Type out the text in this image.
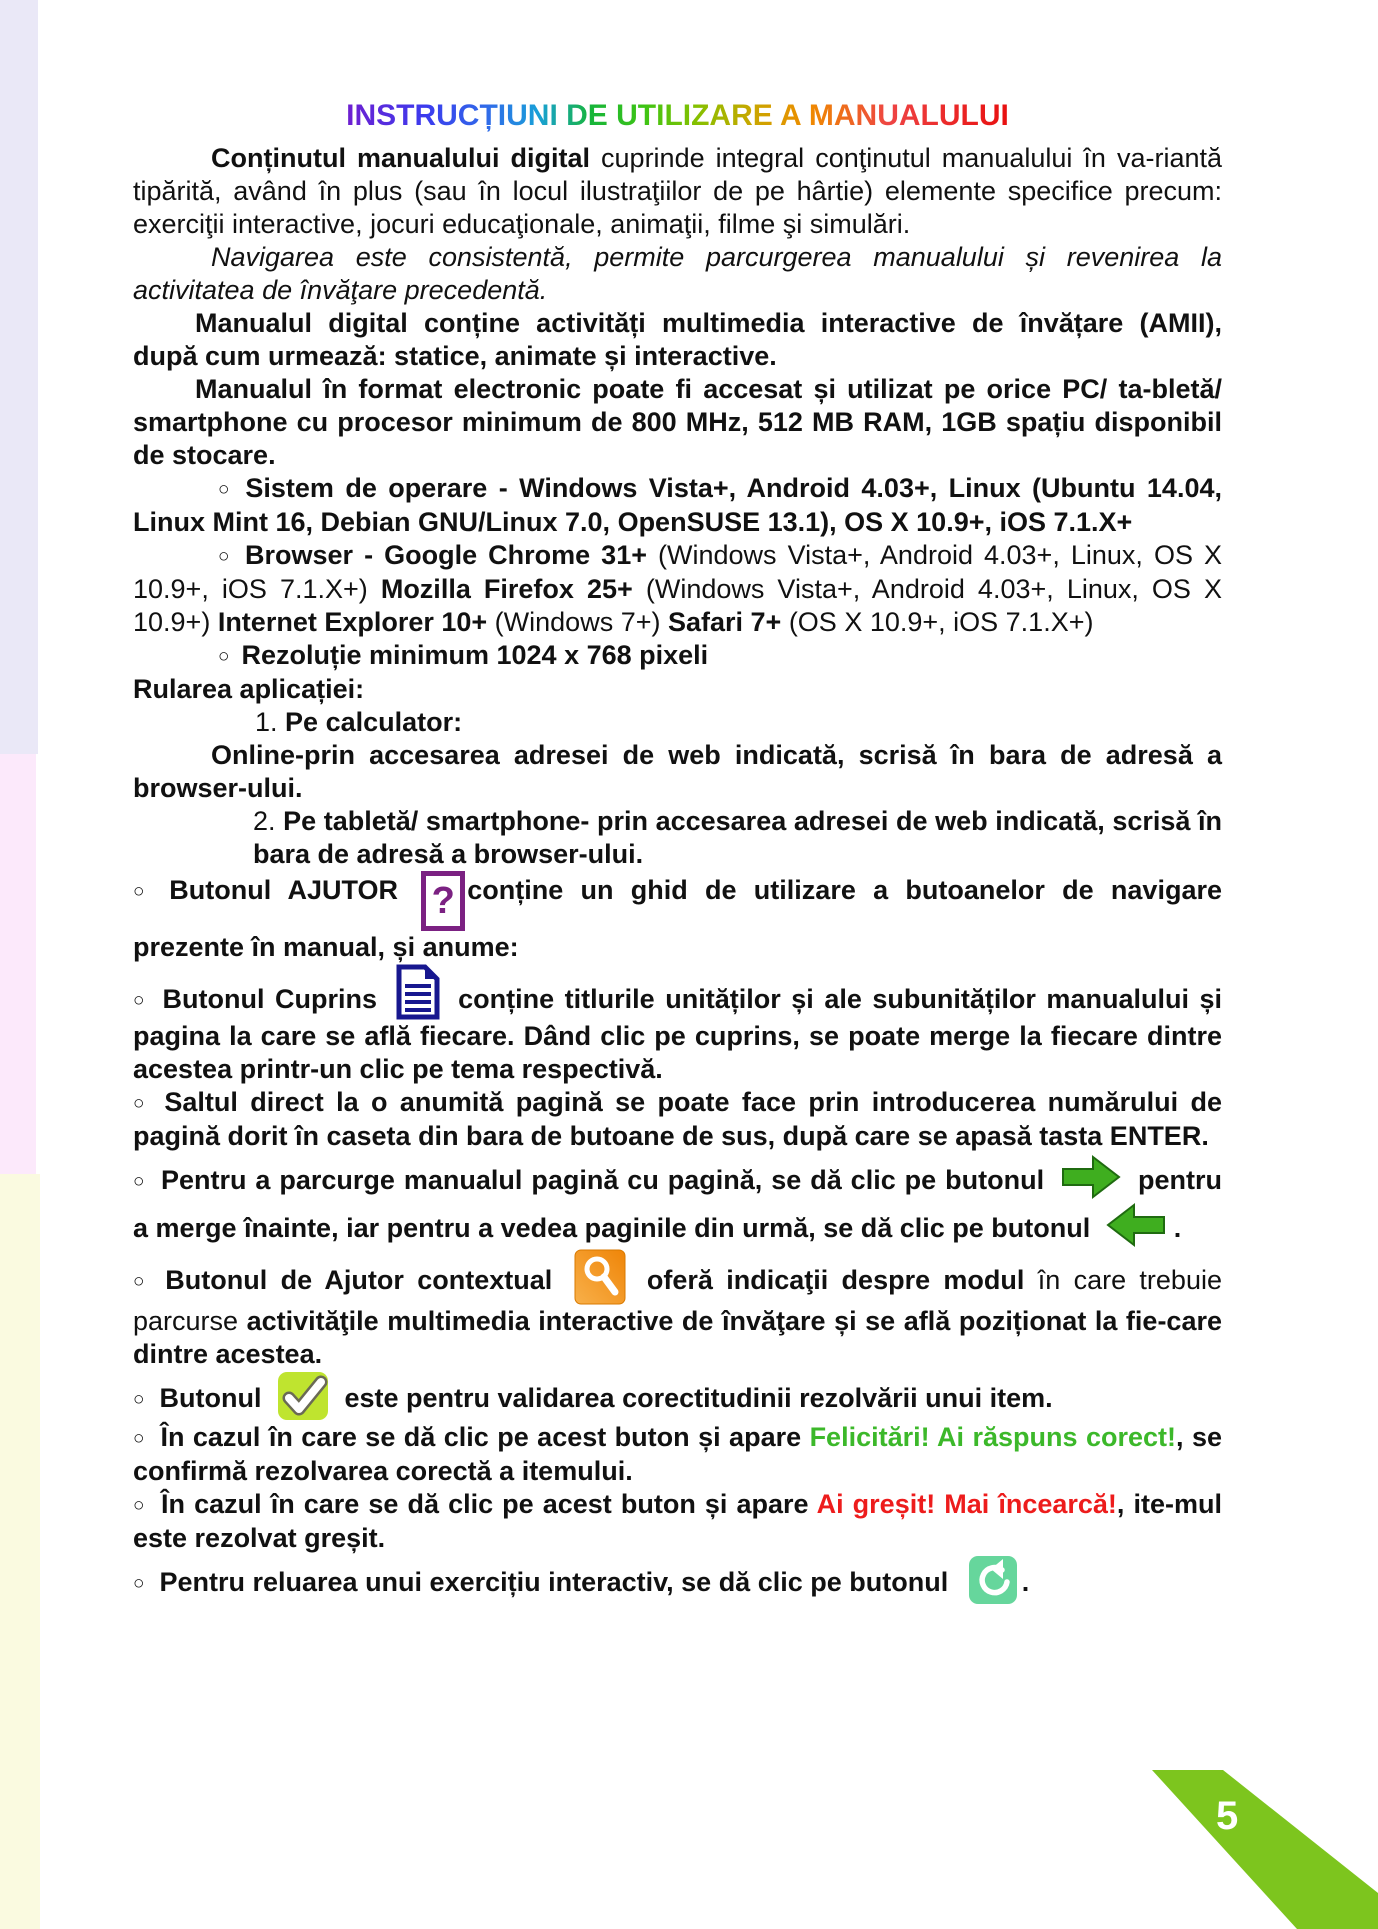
INSTRUCȚIUNI DE UTILIZARE A MANUALULUI

Conținutul manualului digital cuprinde integral conţinutul manualului în va-riantă tipărită, având în plus (sau în locul ilustraţiilor de pe hârtie) elemente specifice precum: exerciţii interactive, jocuri educaţionale, animaţii, filme şi simulări.

Navigarea este consistentă, permite parcurgerea manualului și revenirea la activitatea de învăţare precedentă.

Manualul digital conține activități multimedia interactive de învățare (AMII), după cum urmează: statice, animate și interactive.

Manualul în format electronic poate fi accesat și utilizat pe orice PC/ ta-bletă/ smartphone cu procesor minimum de 800 MHz, 512 MB RAM, 1GB spațiu disponibil de stocare.

○ Sistem de operare - Windows Vista+, Android 4.03+, Linux (Ubuntu 14.04, Linux Mint 16, Debian GNU/Linux 7.0, OpenSUSE 13.1), OS X 10.9+, iOS 7.1.X+

○ Browser - Google Chrome 31+ (Windows Vista+, Android 4.03+, Linux, OS X 10.9+, iOS 7.1.X+) Mozilla Firefox 25+ (Windows Vista+, Android 4.03+, Linux, OS X 10.9+) Internet Explorer 10+ (Windows 7+) Safari 7+ (OS X 10.9+, iOS 7.1.X+)

○ Rezoluție minimum 1024 x 768 pixeli

Rularea aplicației:

1. Pe calculator:

Online-prin accesarea adresei de web indicată, scrisă în bara de adresă a browser-ului.

2. Pe tabletă/ smartphone- prin accesarea adresei de web indicată, scrisă în bara de adresă a browser-ului.

○ Butonul AJUTOR ? conține un ghid de utilizare a butoanelor de navigare prezente în manual, și anume:

○ Butonul Cuprins  conține titlurile unităților și ale subunităților manualului și pagina la care se află fiecare. Dând clic pe cuprins, se poate merge la fiecare dintre acestea printr-un clic pe tema respectivă.

○ Saltul direct la o anumită pagină se poate face prin introducerea numărului de pagină dorit în caseta din bara de butoane de sus, după care se apasă tasta ENTER.

○ Pentru a parcurge manualul pagină cu pagină, se dă clic pe butonul	pentru a merge înainte, iar pentru a vedea paginile din urmă, se dă clic pe butonul	.

○ Butonul de Ajutor contextual	oferă indicaţii despre modul în care trebuie parcurse activităţile multimedia interactive de învăţare și se află poziționat la fie-care dintre acestea.

○ Butonul	este pentru validarea corectitudinii rezolvării unui item.

○ În cazul în care se dă clic pe acest buton și apare Felicitări! Ai răspuns corect!, se confirmă rezolvarea corectă a itemului.

○ În cazul în care se dă clic pe acest buton și apare Ai greșit! Mai încearcă!, ite-mul este rezolvat greșit.

○ Pentru reluarea unui exercițiu interactiv, se dă clic pe butonul .

5
